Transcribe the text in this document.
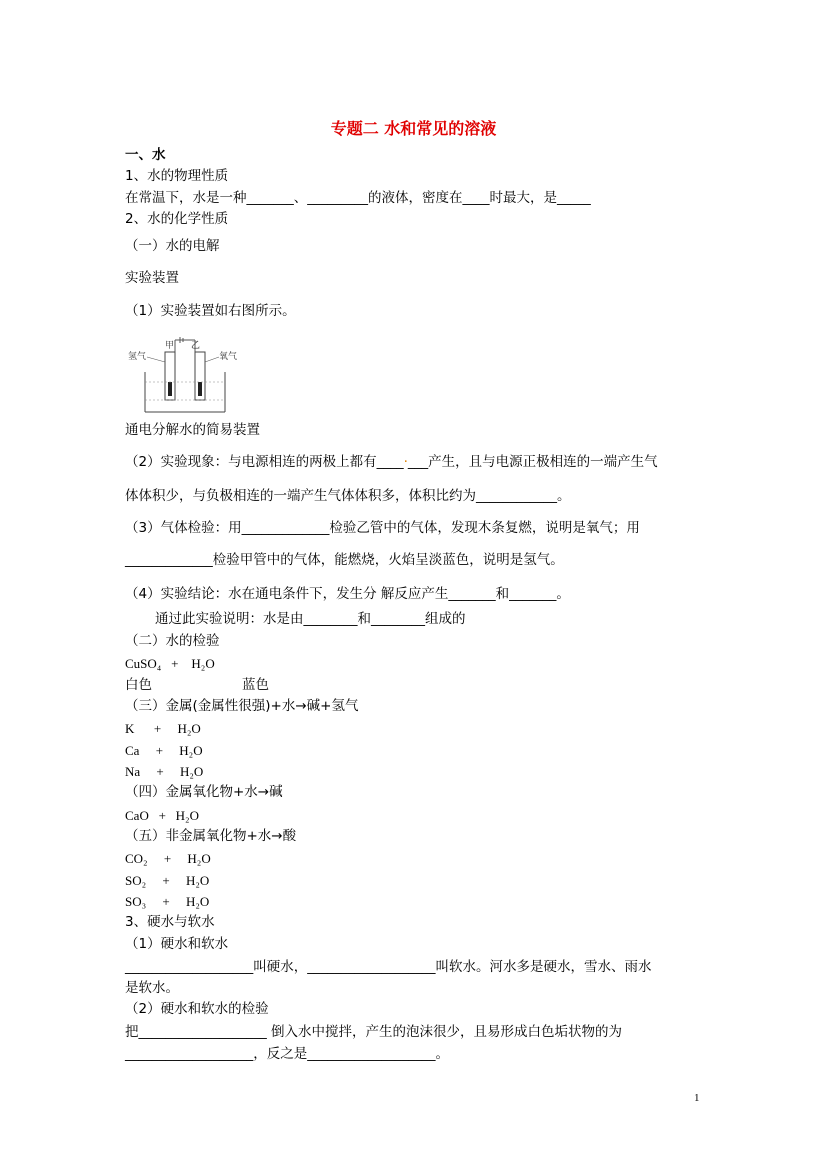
专题二 水和常见的溶液
一、水
1、水的物理性质
在常温下，水是一种_______、_________的液体，密度在____时最大，是_____
2、水的化学性质
（一）水的电解
实验装置
（1）实验装置如右图所示。
氢气
甲 乙
氧气
通电分解水的简易装置
（2）实验现象：与电源相连的两极上都有____·___产生，且与电源正极相连的一端产生气
体体积少，与负极相连的一端产生气体体积多，体积比约为____________。
（3）气体检验：用_____________检验乙管中的气体，发现木条复燃，说明是氧气；用
_____________检验甲管中的气体，能燃烧，火焰呈淡蓝色，说明是氢气。
（4）实验结论：水在通电条件下，发生分 解反应产生_______和_______。
通过此实验说明：水是由________和________组成的
（二）水的检验
CuSO₄   +    H₂O
白色	蓝色
（三）金属(金属性很强)+水→碱+氢气
K      +     H₂O
Ca     +     H₂O
Na     +     H₂O
（四）金属氧化物+水→碱
CaO   +   H₂O
（五）非金属氧化物+水→酸
CO₂     +     H₂O
SO₂     +     H₂O
SO₃     +     H₂O
3、硬水与软水
（1）硬水和软水
___________________叫硬水，___________________叫软水。河水多是硬水，雪水、雨水
是软水。
（2）硬水和软水的检验
把___________________ 倒入水中搅拌，产生的泡沫很少，且易形成白色垢状物的为
___________________，反之是___________________。
1
